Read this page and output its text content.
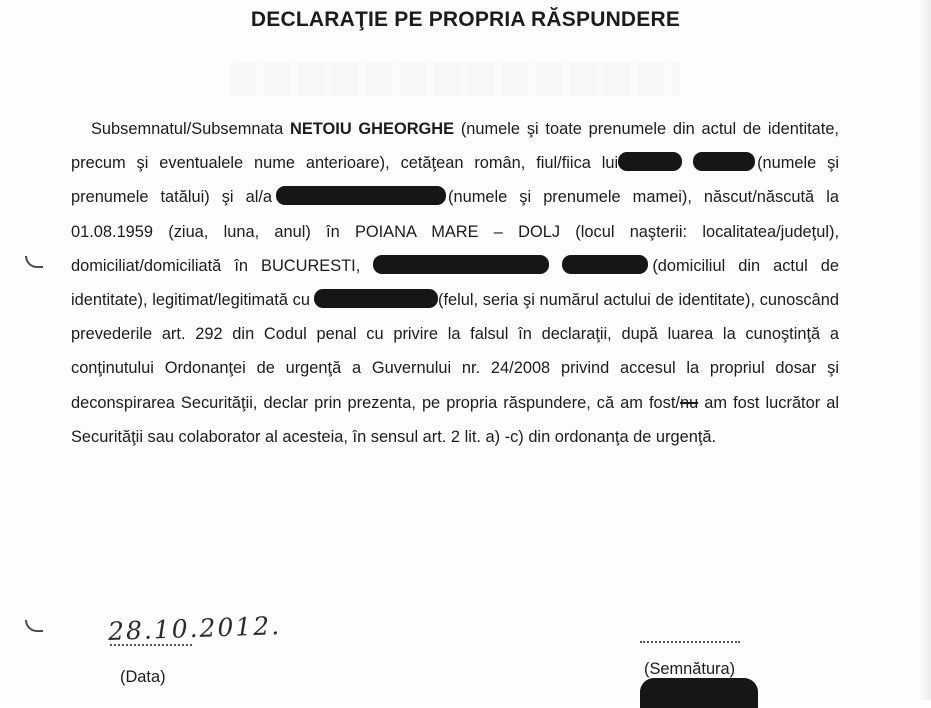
DECLARAŢIE PE PROPRIA RĂSPUNDERE
Subsemnatul/Subsemnata NETOIU GHEORGHE (numele şi toate prenumele din actul de identitate, precum şi eventualele nume anterioare), cetăţean român, fiul/fiica lui	(numele şi prenumele tatălui) şi al/a	(numele şi prenumele mamei), născut/născută la 01.08.1959 (ziua, luna, anul) în POIANA MARE – DOLJ (locul naşterii: localitatea/judeţul), domiciliat/domiciliată în BUCURESTI,	(domiciliul din actul de identitate), legitimat/legitimată cu	(felul, seria şi numărul actului de identitate), cunoscând prevederile art. 292 din Codul penal cu privire la falsul în declaraţii, după luarea la cunoştinţă a conţinutului Ordonanţei de urgenţă a Guvernului nr. 24/2008 privind accesul la propriul dosar şi deconspirarea Securităţii, declar prin prezenta, pe propria răspundere, că am fost/nu am fost lucrător al Securităţii sau colaborator al acesteia, în sensul art. 2 lit. a) -c) din ordonanţa de urgenţă.
28.10.2012.
(Data)	(Semnătura)
